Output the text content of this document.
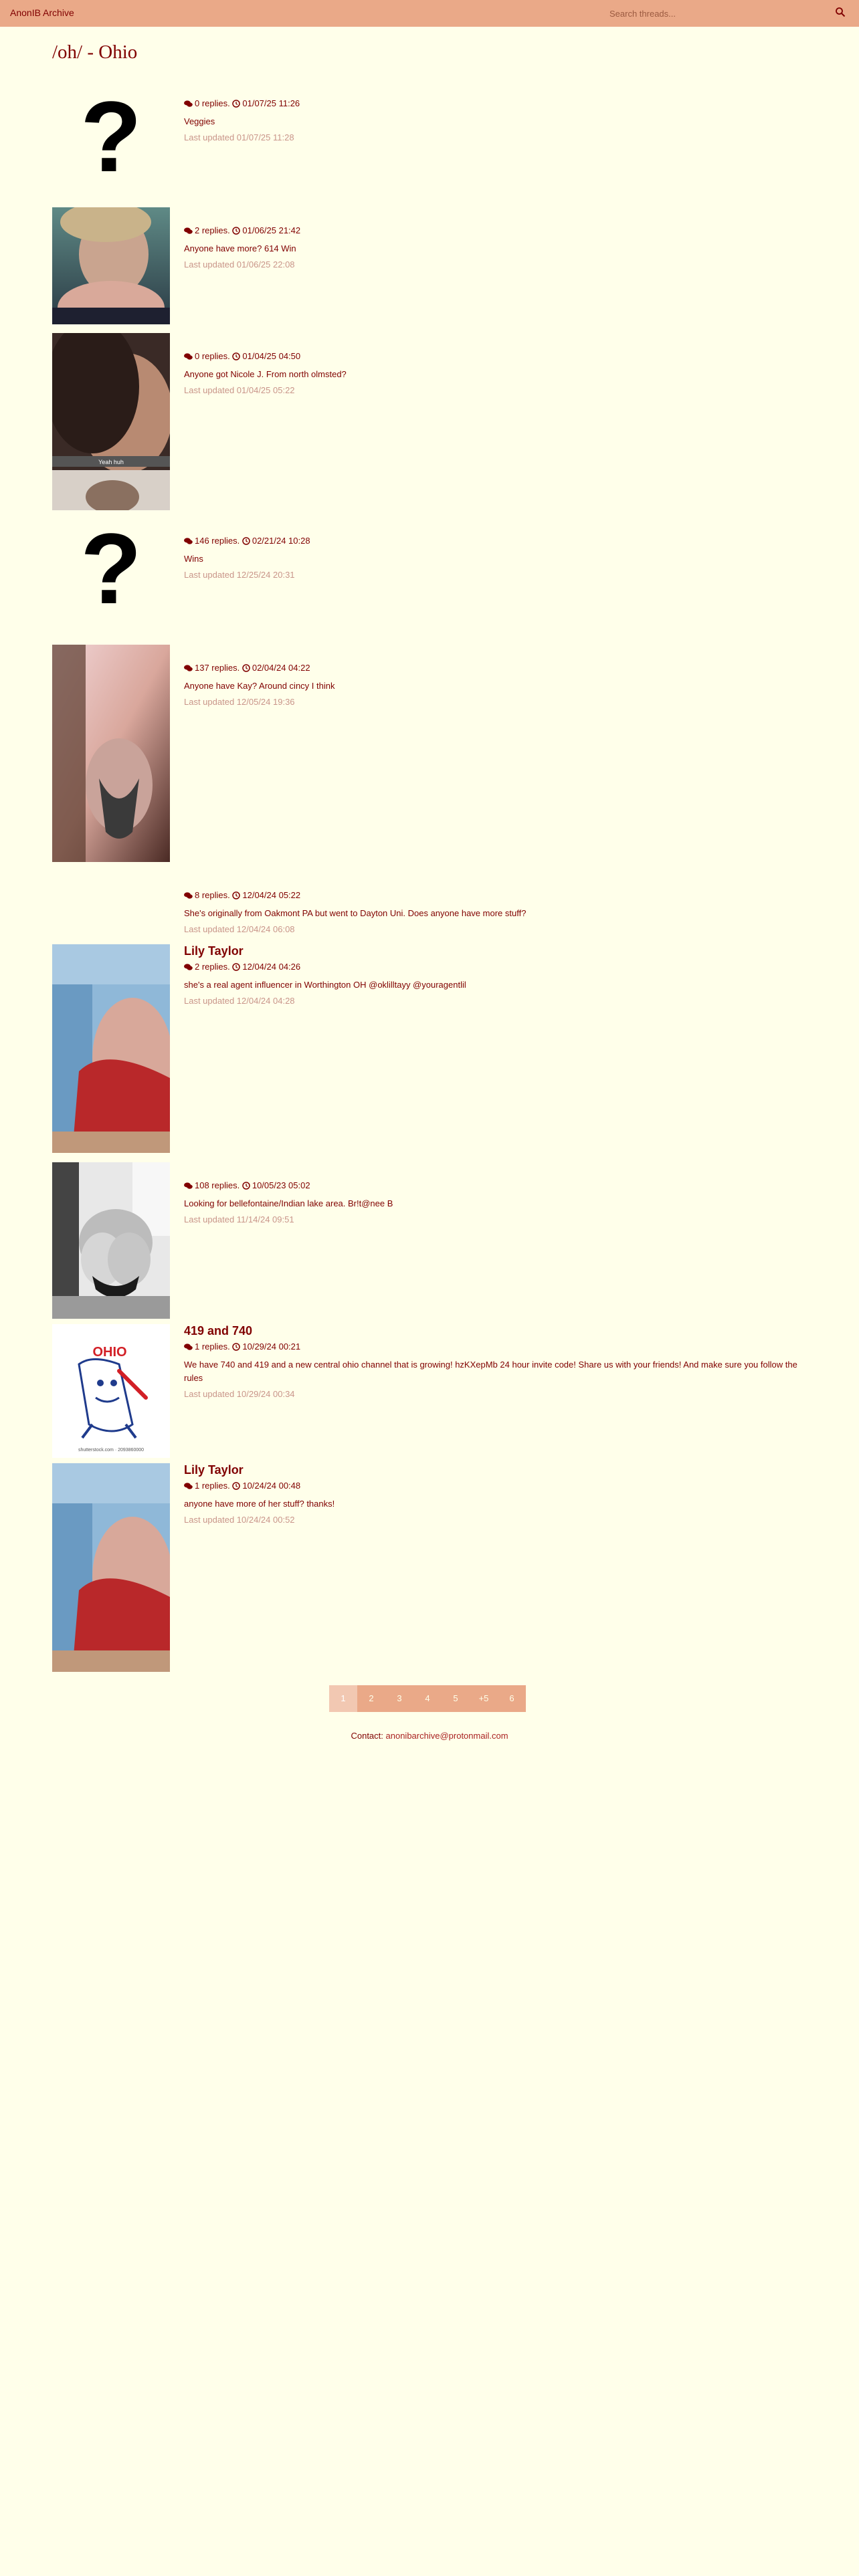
AnonIB Archive
Search threads...
/oh/ - Ohio
?	0 replies. 01/07/25 11:26
Veggies
Last updated 01/07/25 11:28
2 replies. 01/06/25 21:42
Anyone have more? 614 Win
Last updated 01/06/25 22:08
Yeah huh
0 replies. 01/04/25 04:50
Anyone got Nicole J. From north olmsted?
Last updated 01/04/25 05:22
?	146 replies. 02/21/24 10:28
Wins
Last updated 12/25/24 20:31
137 replies. 02/04/24 04:22
Anyone have Kay? Around cincy I think
Last updated 12/05/24 19:36
8 replies. 12/04/24 05:22
She's originally from Oakmont PA but went to Dayton Uni. Does anyone have more stuff?
Last updated 12/04/24 06:08
Lily Taylor
2 replies. 12/04/24 04:26
she's a real agent influencer in Worthington OH @oklilltayy @youragentlil
Last updated 12/04/24 04:28
108 replies. 10/05/23 05:02
Looking for bellefontaine/Indian lake area. Br!t@nee B
Last updated 11/14/24 09:51
OHIO
shutterstock.com · 2093860000
419 and 740
1 replies. 10/29/24 00:21
We have 740 and 419 and a new central ohio channel that is growing! hzKXepMb 24 hour invite code! Share us with your friends! And make sure you follow the rules
Last updated 10/29/24 00:34
Lily Taylor
1 replies. 10/24/24 00:48
anyone have more of her stuff? thanks!
Last updated 10/24/24 00:52
1	2	3	4	5	+5	6
Contact: anonibarchive@protonmail.com
